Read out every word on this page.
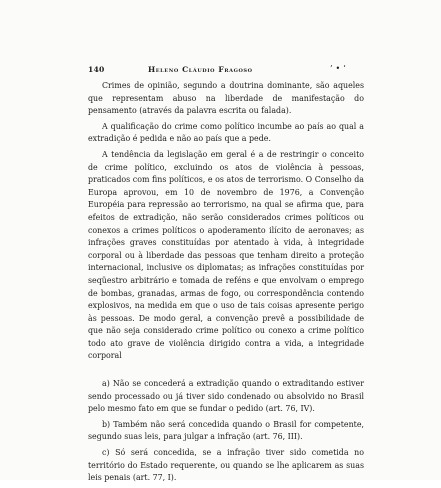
140	Heleno Cláudio Fragoso	’ • ‘

Crimes de opinião, segundo a doutrina dominante, são aqueles que representam abuso na liberdade de manifestação do pensamento (através da palavra escrita ou falada).

A qualificação do crime como político incumbe ao país ao qual a extradição é pedida e não ao país que a pede.

A tendência da legislação em geral é a de restringir o conceito de crime político, excluindo os atos de violência à pessoas, praticados com fins políticos, e os atos de terrorismo. O Conselho da Europa aprovou, em 10 de novembro de 1976, a Convenção Européia para repressão ao terrorismo, na qual se afirma que, para efeitos de extradição, não serão considerados crimes políticos ou conexos a crimes políticos o apoderamento ilícito de aeronaves; as infrações graves constituídas por atentado à vida, à integridade corporal ou à liberdade das pessoas que tenham direito a proteção internacional, inclusive os diplomatas; as infrações constituídas por seqüestro arbitrário e tomada de reféns e que envolvam o emprego de bombas, granadas, armas de fogo, ou correspondência contendo explosivos, na medida em que o uso de tais coisas apresente perigo às pessoas. De modo geral, a convenção prevê a possibilidade de que não seja considerado crime político ou conexo a crime político todo ato grave de violência dirigido contra a vida, a integridade corporal

a) Não se concederá a extradição quando o extraditando estiver sendo processado ou já tiver sido condenado ou absolvido no Brasil pelo mesmo fato em que se fundar o pedido (art. 76, IV).

b) Também não será concedida quando o Brasil for competente, segundo suas leis, para julgar a infração (art. 76, III).

c) Só será concedida, se a infração tiver sido cometida no território do Estado requerente, ou quando se lhe aplicarem as suas leis penais (art. 77, I).
